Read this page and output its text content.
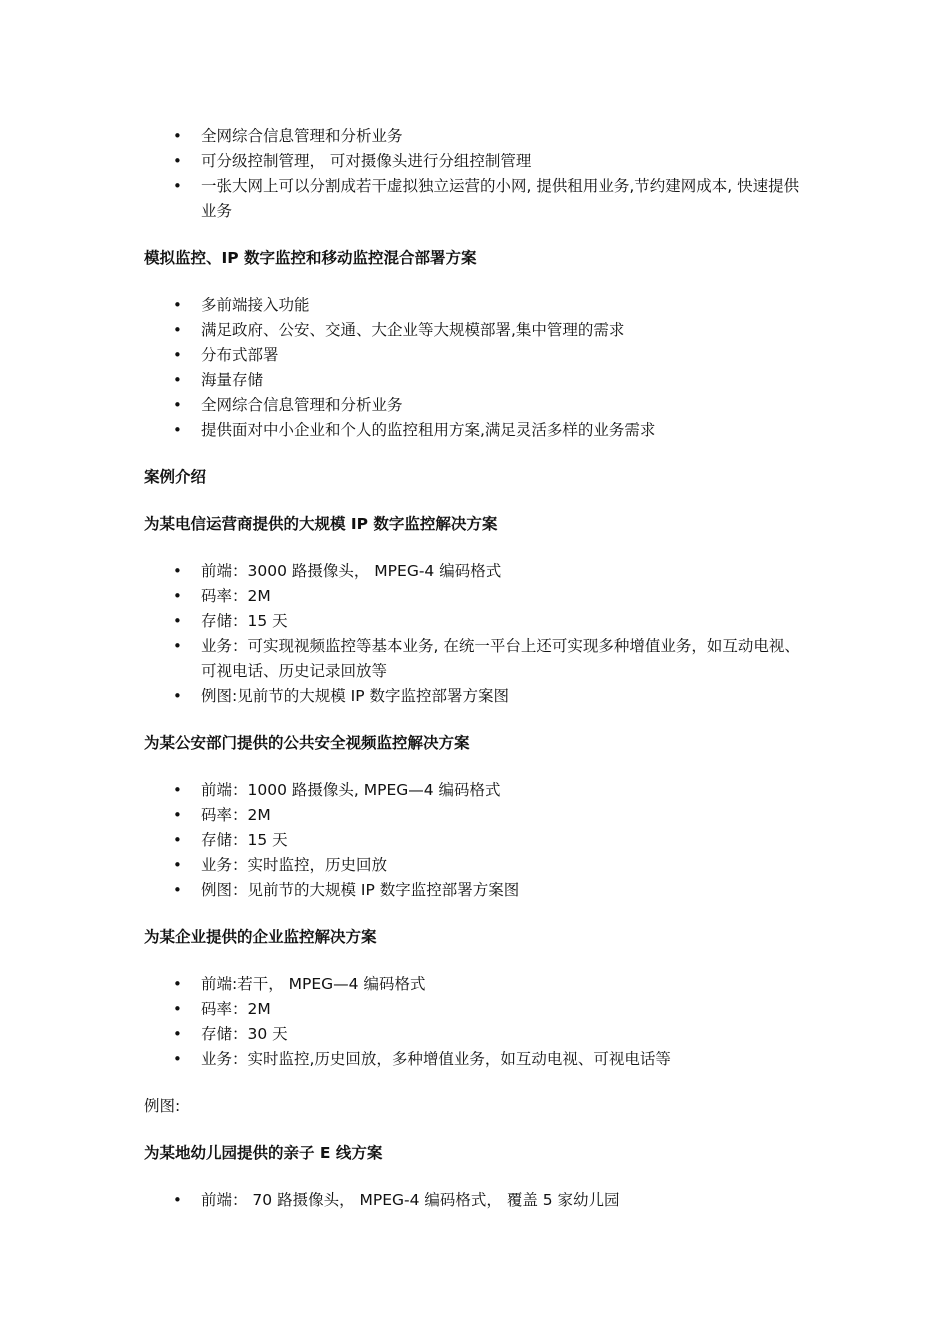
• 全网综合信息管理和分析业务
• 可分级控制管理， 可对摄像头进行分组控制管理
• 一张大网上可以分割成若干虚拟独立运营的小网, 提供租用业务,节约建网成本, 快速提供业务

模拟监控、IP 数字监控和移动监控混合部署方案

• 多前端接入功能
• 满足政府、公安、交通、大企业等大规模部署,集中管理的需求
• 分布式部署
• 海量存储
• 全网综合信息管理和分析业务
• 提供面对中小企业和个人的监控租用方案,满足灵活多样的业务需求

案例介绍

为某电信运营商提供的大规模 IP 数字监控解决方案

• 前端：3000 路摄像头， MPEG-4 编码格式
• 码率：2M
• 存储：15 天
• 业务：可实现视频监控等基本业务, 在统一平台上还可实现多种增值业务，如互动电视、可视电话、历史记录回放等
• 例图:见前节的大规模 IP 数字监控部署方案图

为某公安部门提供的公共安全视频监控解决方案

• 前端：1000 路摄像头, MPEG—4 编码格式
• 码率：2M
• 存储：15 天
• 业务：实时监控，历史回放
• 例图：见前节的大规模 IP 数字监控部署方案图

为某企业提供的企业监控解决方案

• 前端:若干， MPEG—4 编码格式
• 码率：2M
• 存储：30 天
• 业务：实时监控,历史回放，多种增值业务，如互动电视、可视电话等

例图:

为某地幼儿园提供的亲子 E 线方案

• 前端： 70 路摄像头， MPEG-4 编码格式， 覆盖 5 家幼儿园
